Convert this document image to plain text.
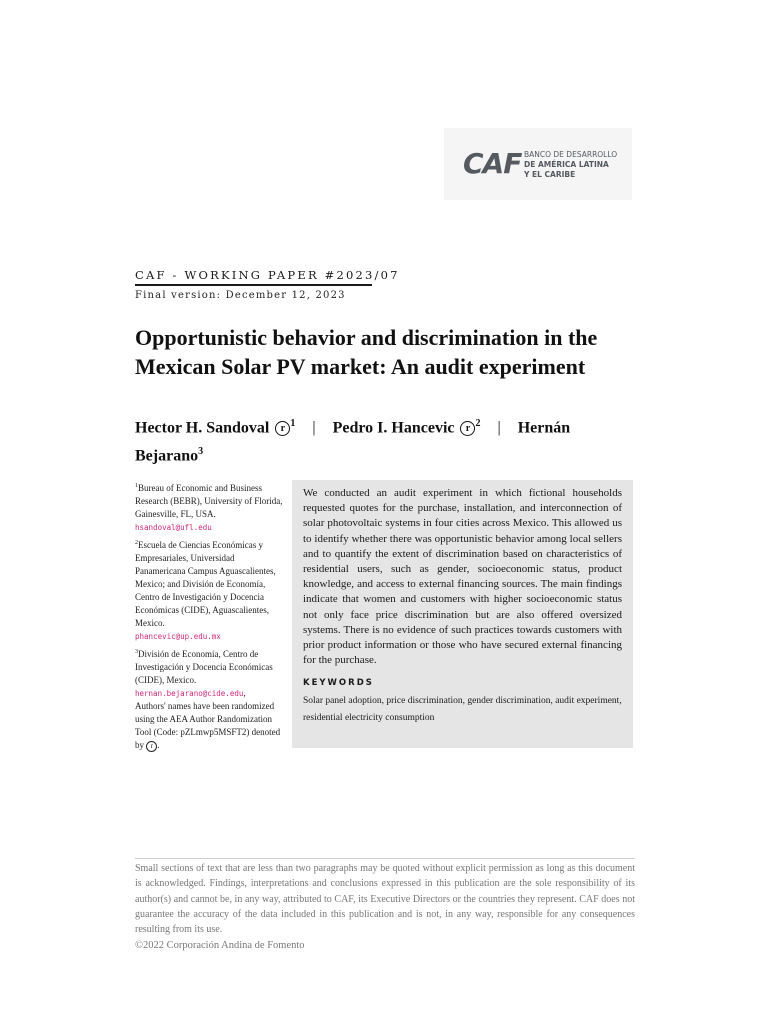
CAF BANCO DE DESARROLLO
DE AMÉRICA LATINA
Y EL CARIBE
CAF - WORKING PAPER #2023/07
Final version: December 12, 2023
Opportunistic behavior and discrimination in the Mexican Solar PV market: An audit experiment
Hector H. Sandoval r $^1$ | Pedro I. Hancevic r $^2$ | Hernán Bejarano$^3$

$^1$Bureau of Economic and Business Research (BEBR), University of Florida, Gainesville, FL, USA.
hsandoval@ufl.edu

$^2$Escuela de Ciencias Económicas y Empresariales, Universidad Panamericana Campus Aguascalientes, Mexico; and División de Economía, Centro de Investigación y Docencia Económicas (CIDE), Aguascalientes, Mexico.
phancevic@up.edu.mx

$^3$División de Economía, Centro de Investigación y Docencia Económicas (CIDE), Mexico.
hernan.bejarano@cide.edu,
Authors' names have been randomized using the AEA Author Randomization Tool (Code: pZLmwp5MSFT2) denoted by r .

We conducted an audit experiment in which fictional households requested quotes for the purchase, installation, and interconnection of solar photovoltaic systems in four cities across Mexico. This allowed us to identify whether there was opportunistic behavior among local sellers and to quantify the extent of discrimination based on characteristics of residential users, such as gender, socioeconomic status, product knowledge, and access to external financing sources. The main findings indicate that women and customers with higher socioeconomic status not only face price discrimination but are also offered oversized systems. There is no evidence of such practices towards customers with prior product information or those who have secured external financing for the purchase.
KEYWORDS
Solar panel adoption, price discrimination, gender discrimination, audit experiment, residential electricity consumption
Small sections of text that are less than two paragraphs may be quoted without explicit permission as long as this document is acknowledged. Findings, interpretations and conclusions expressed in this publication are the sole responsibility of its author(s) and cannot be, in any way, attributed to CAF, its Executive Directors or the countries they represent. CAF does not guarantee the accuracy of the data included in this publication and is not, in any way, responsible for any consequences resulting from its use.
©2022 Corporación Andina de Fomento
